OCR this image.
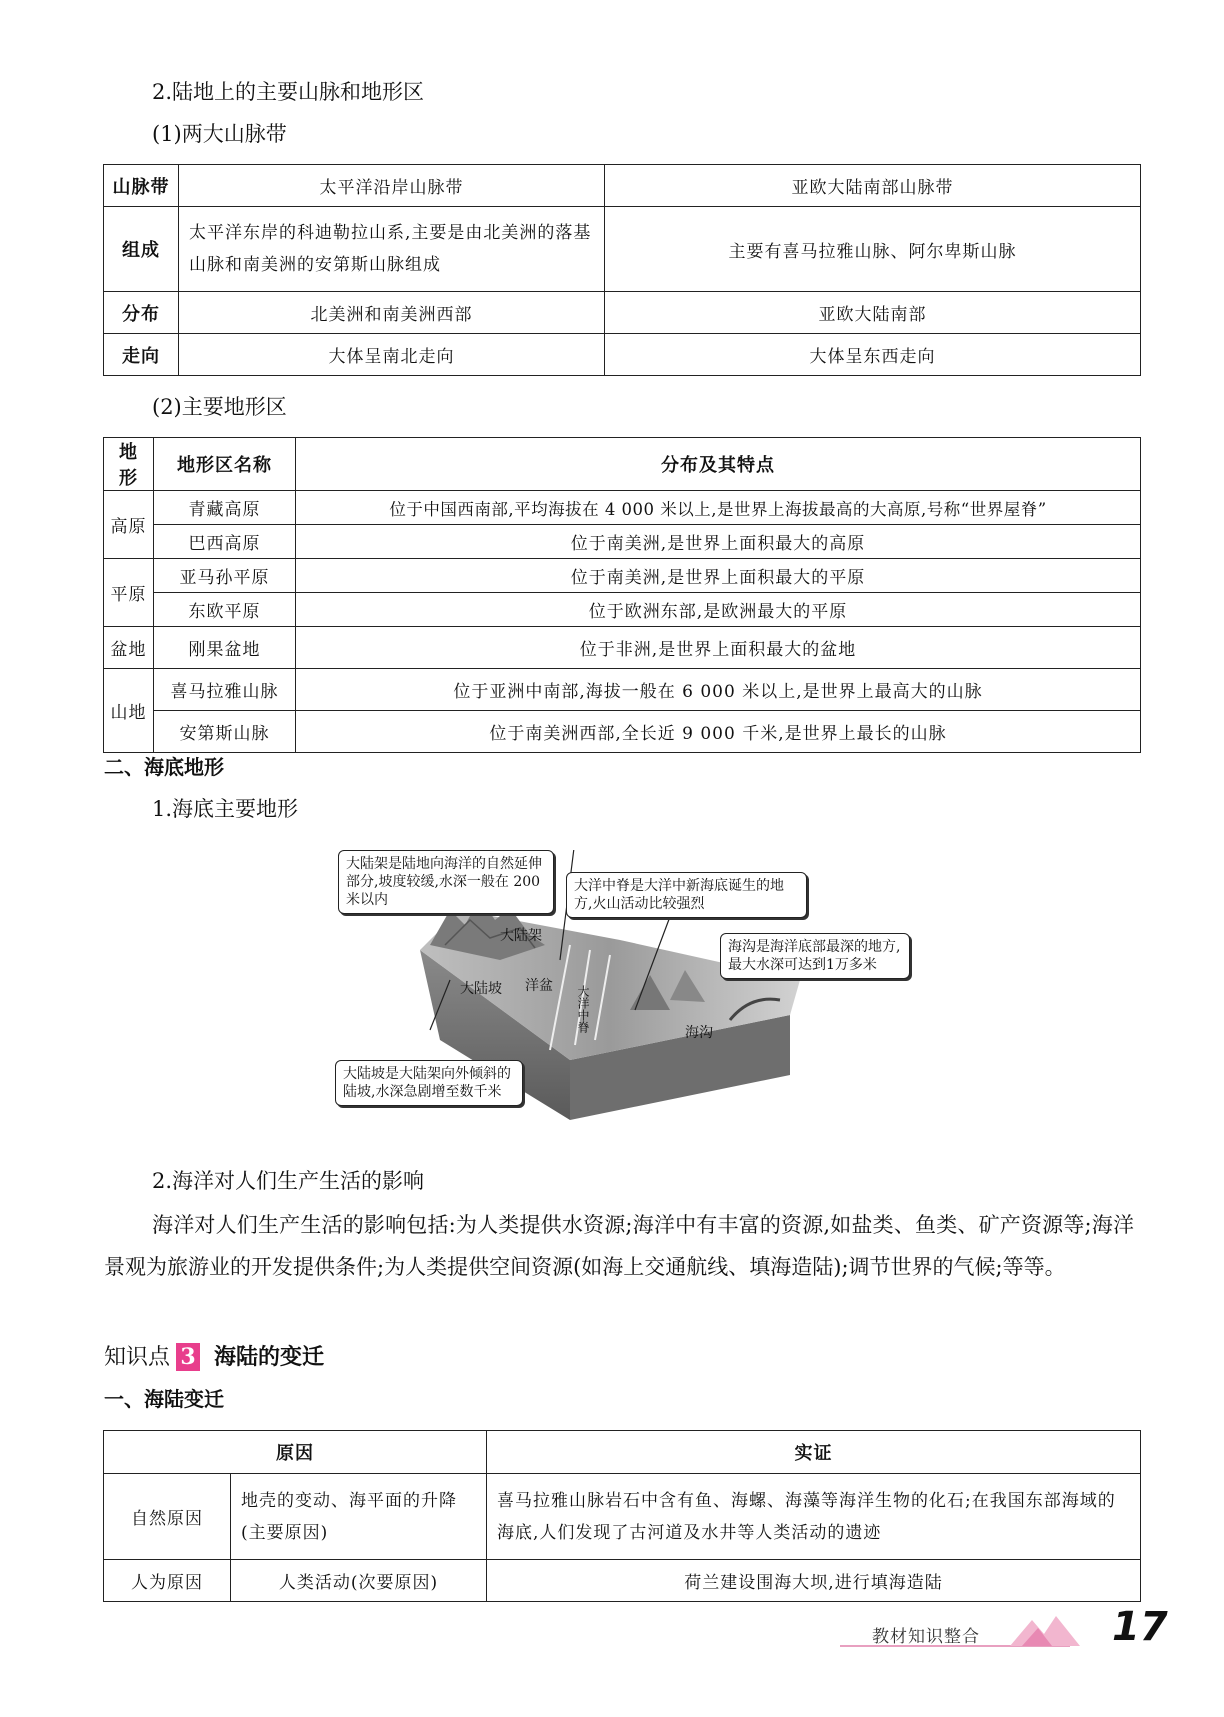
2.陆地上的主要山脉和地形区
(1)两大山脉带
山脉带	太平洋沿岸山脉带	亚欧大陆南部山脉带
组成	太平洋东岸的科迪勒拉山系,主要是由北美洲的落基山脉和南美洲的安第斯山脉组成	主要有喜马拉雅山脉、阿尔卑斯山脉
分布	北美洲和南美洲西部	亚欧大陆南部
走向	大体呈南北走向	大体呈东西走向
(2)主要地形区
地形	地形区名称	分布及其特点
高原	青藏高原	位于中国西南部,平均海拔在 4 000 米以上,是世界上海拔最高的大高原,号称“世界屋脊”
	巴西高原	位于南美洲,是世界上面积最大的高原
平原	亚马孙平原	位于南美洲,是世界上面积最大的平原
	东欧平原	位于欧洲东部,是欧洲最大的平原
盆地	刚果盆地	位于非洲,是世界上面积最大的盆地
山地	喜马拉雅山脉	位于亚洲中南部,海拔一般在 6 000 米以上,是世界上最高大的山脉
	安第斯山脉	位于南美洲西部,全长近 9 000 千米,是世界上最长的山脉
二、海底地形
1.海底主要地形
大陆架
大陆坡 洋盆 大洋中脊	海沟
大陆架是陆地向海洋的自然延伸部分,坡度较缓,水深一般在 200 米以内
大洋中脊是大洋中新海底诞生的地方,火山活动比较强烈
海沟是海洋底部最深的地方,最大水深可达到1万多米
大陆坡是大陆架向外倾斜的陆坡,水深急剧增至数千米
2.海洋对人们生产生活的影响
海洋对人们生产生活的影响包括:为人类提供水资源;海洋中有丰富的资源,如盐类、鱼类、矿产资源等;海洋景观为旅游业的开发提供条件;为人类提供空间资源(如海上交通航线、填海造陆);调节世界的气候;等等。
知识点 3 海陆的变迁
一、海陆变迁
原因		实证
自然原因	地壳的变动、海平面的升降(主要原因)	喜马拉雅山脉岩石中含有鱼、海螺、海藻等海洋生物的化石;在我国东部海域的海底,人们发现了古河道及水井等人类活动的遗迹
人为原因	人类活动(次要原因)	荷兰建设围海大坝,进行填海造陆
教材知识整合	17
